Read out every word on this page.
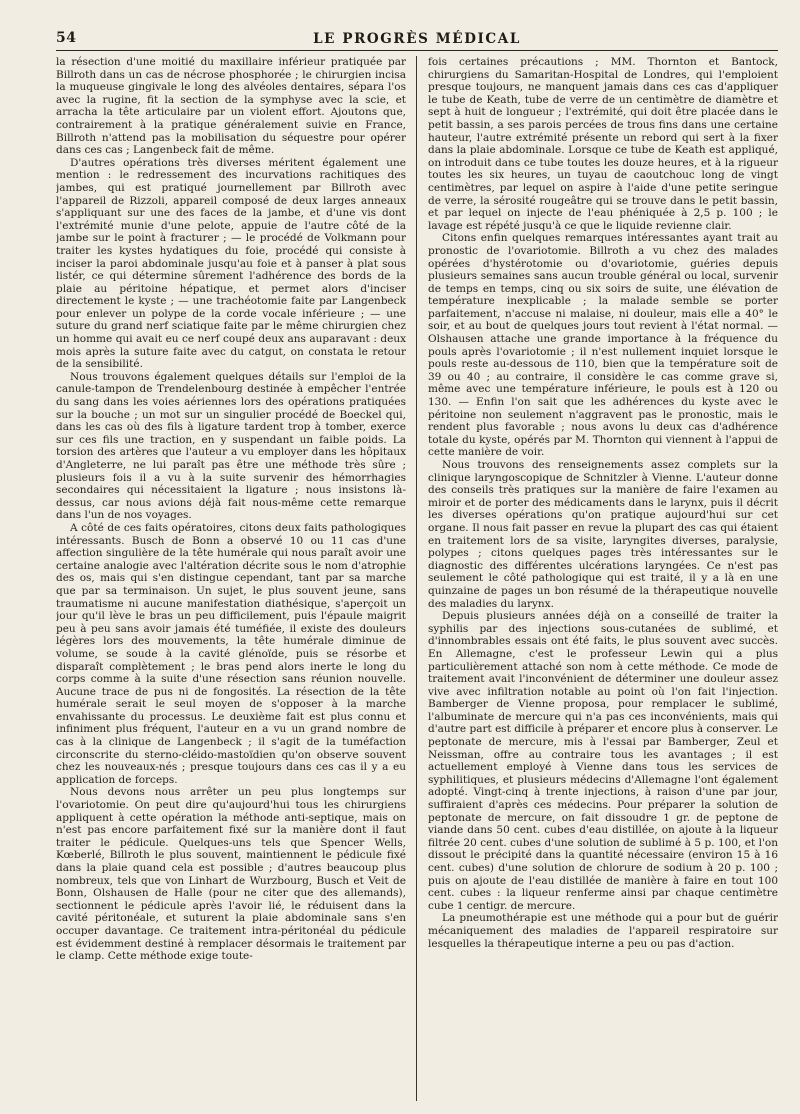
54	LE PROGRÈS MÉDICAL

la résection d'une moitié du maxillaire inférieur pratiquée par Billroth dans un cas de nécrose phosphorée ; le chirurgien incisa la muqueuse gingivale le long des alvéoles dentaires, sépara l'os avec la rugine, fit la section de la symphyse avec la scie, et arracha la tête articulaire par un violent effort. Ajoutons que, contrairement à la pratique généralement suivie en France, Billroth n'attend pas la mobilisation du séquestre pour opérer dans ces cas ; Langenbeck fait de même.

D'autres opérations très diverses méritent également une mention : le redressement des incurvations rachitiques des jambes, qui est pratiqué journellement par Billroth avec l'appareil de Rizzoli, appareil composé de deux larges anneaux s'appliquant sur une des faces de la jambe, et d'une vis dont l'extrémité munie d'une pelote, appuie de l'autre côté de la jambe sur le point à fracturer ; — le procédé de Volkmann pour traiter les kystes hydatiques du foie, procédé qui consiste à inciser la paroi abdominale jusqu'au foie et à panser à plat sous listér, ce qui détermine sûrement l'adhérence des bords de la plaie au péritoine hépatique, et permet alors d'inciser directement le kyste ; — une trachéotomie faite par Langenbeck pour enlever un polype de la corde vocale inférieure ; — une suture du grand nerf sciatique faite par le même chirurgien chez un homme qui avait eu ce nerf coupé deux ans auparavant : deux mois après la suture faite avec du catgut, on constata le retour de la sensibilité.

Nous trouvons également quelques détails sur l'emploi de la canule-tampon de Trendelenbourg destinée à empêcher l'entrée du sang dans les voies aériennes lors des opérations pratiquées sur la bouche ; un mot sur un singulier procédé de Boeckel qui, dans les cas où des fils à ligature tardent trop à tomber, exerce sur ces fils une traction, en y suspendant un faible poids. La torsion des artères que l'auteur a vu employer dans les hôpitaux d'Angleterre, ne lui paraît pas être une méthode très sûre ; plusieurs fois il a vu à la suite survenir des hémorrhagies secondaires qui nécessitaient la ligature ; nous insistons là-dessus, car nous avions déjà fait nous-même cette remarque dans l'un de nos voyages.

A côté de ces faits opératoires, citons deux faits pathologiques intéressants. Busch de Bonn a observé 10 ou 11 cas d'une affection singulière de la tête humérale qui nous paraît avoir une certaine analogie avec l'altération décrite sous le nom d'atrophie des os, mais qui s'en distingue cependant, tant par sa marche que par sa terminaison. Un sujet, le plus souvent jeune, sans traumatisme ni aucune manifestation diathésique, s'aperçoit un jour qu'il lève le bras un peu difficilement, puis l'épaule maigrit peu à peu sans avoir jamais été tuméfiée, il existe des douleurs légères lors des mouvements, la tête humérale diminue de volume, se soude à la cavité glénoïde, puis se résorbe et disparaît complètement ; le bras pend alors inerte le long du corps comme à la suite d'une résection sans réunion nouvelle. Aucune trace de pus ni de fongosités. La résection de la tête humérale serait le seul moyen de s'opposer à la marche envahissante du processus. Le deuxième fait est plus connu et infiniment plus fréquent, l'auteur en a vu un grand nombre de cas à la clinique de Langenbeck ; il s'agit de la tuméfaction circonscrite du sterno-cléido-mastoïdien qu'on observe souvent chez les nouveaux-nés ; presque toujours dans ces cas il y a eu application de forceps.

Nous devons nous arrêter un peu plus longtemps sur l'ovariotomie. On peut dire qu'aujourd'hui tous les chirurgiens appliquent à cette opération la méthode anti-septique, mais on n'est pas encore parfaitement fixé sur la manière dont il faut traiter le pédicule. Quelques-uns tels que Spencer Wells, Kœberlé, Billroth le plus souvent, maintiennent le pédicule fixé dans la plaie quand cela est possible ; d'autres beaucoup plus nombreux, tels que von Linhart de Wurzbourg, Busch et Veit de Bonn, Olshausen de Halle (pour ne citer que des allemands), sectionnent le pédicule après l'avoir lié, le réduisent dans la cavité péritonéale, et suturent la plaie abdominale sans s'en occuper davantage. Ce traitement intra-péritonéal du pédicule est évidemment destiné à remplacer désormais le traitement par le clamp. Cette méthode exige toute-

fois certaines précautions ; MM. Thornton et Bantock, chirurgiens du Samaritan-Hospital de Londres, qui l'emploient presque toujours, ne manquent jamais dans ces cas d'appliquer le tube de Keath, tube de verre de un centimètre de diamètre et sept à huit de longueur ; l'extrémité, qui doit être placée dans le petit bassin, a ses parois percées de trous fins dans une certaine hauteur, l'autre extrémité présente un rebord qui sert à la fixer dans la plaie abdominale. Lorsque ce tube de Keath est appliqué, on introduit dans ce tube toutes les douze heures, et à la rigueur toutes les six heures, un tuyau de caoutchouc long de vingt centimètres, par lequel on aspire à l'aide d'une petite seringue de verre, la sérosité rougeâtre qui se trouve dans le petit bassin, et par lequel on injecte de l'eau phéniquée à 2,5 p. 100 ; le lavage est répété jusqu'à ce que le liquide revienne clair.

Citons enfin quelques remarques intéressantes ayant trait au pronostic de l'ovariotomie. Billroth a vu chez des malades opérées d'hystérotomie ou d'ovariotomie, guéries depuis plusieurs semaines sans aucun trouble général ou local, survenir de temps en temps, cinq ou six soirs de suite, une élévation de température inexplicable ; la malade semble se porter parfaitement, n'accuse ni malaise, ni douleur, mais elle a 40° le soir, et au bout de quelques jours tout revient à l'état normal. — Olshausen attache une grande importance à la fréquence du pouls après l'ovariotomie ; il n'est nullement inquiet lorsque le pouls reste au-dessous de 110, bien que la température soit de 39 ou 40 ; au contraire, il considère le cas comme grave si, même avec une température inférieure, le pouls est à 120 ou 130. — Enfin l'on sait que les adhérences du kyste avec le péritoine non seulement n'aggravent pas le pronostic, mais le rendent plus favorable ; nous avons lu deux cas d'adhérence totale du kyste, opérés par M. Thornton qui viennent à l'appui de cette manière de voir.

Nous trouvons des renseignements assez complets sur la clinique laryngoscopique de Schnitzler à Vienne. L'auteur donne des conseils très pratiques sur la manière de faire l'examen au miroir et de porter des médicaments dans le larynx, puis il décrit les diverses opérations qu'on pratique aujourd'hui sur cet organe. Il nous fait passer en revue la plupart des cas qui étaient en traitement lors de sa visite, laryngites diverses, paralysie, polypes ; citons quelques pages très intéressantes sur le diagnostic des différentes ulcérations laryngées. Ce n'est pas seulement le côté pathologique qui est traité, il y a là en une quinzaine de pages un bon résumé de la thérapeutique nouvelle des maladies du larynx.

Depuis plusieurs années déjà on a conseillé de traiter la syphilis par des injections sous-cutanées de sublimé, et d'innombrables essais ont été faits, le plus souvent avec succès. En Allemagne, c'est le professeur Lewin qui a plus particulièrement attaché son nom à cette méthode. Ce mode de traitement avait l'inconvénient de déterminer une douleur assez vive avec infiltration notable au point où l'on fait l'injection. Bamberger de Vienne proposa, pour remplacer le sublimé, l'albuminate de mercure qui n'a pas ces inconvénients, mais qui d'autre part est difficile à préparer et encore plus à conserver. Le peptonate de mercure, mis à l'essai par Bamberger, Zeul et Neissman, offre au contraire tous les avantages ; il est actuellement employé à Vienne dans tous les services de syphilitiques, et plusieurs médecins d'Allemagne l'ont également adopté. Vingt-cinq à trente injections, à raison d'une par jour, suffiraient d'après ces médecins. Pour préparer la solution de peptonate de mercure, on fait dissoudre 1 gr. de peptone de viande dans 50 cent. cubes d'eau distillée, on ajoute à la liqueur filtrée 20 cent. cubes d'une solution de sublimé à 5 p. 100, et l'on dissout le précipité dans la quantité nécessaire (environ 15 à 16 cent. cubes) d'une solution de chlorure de sodium à 20 p. 100 ; puis on ajoute de l'eau distillée de manière à faire en tout 100 cent. cubes : la liqueur renferme ainsi par chaque centimètre cube 1 centigr. de mercure.

La pneumothérapie est une méthode qui a pour but de guérir mécaniquement des maladies de l'appareil respiratoire sur lesquelles la thérapeutique interne a peu ou pas d'action.
